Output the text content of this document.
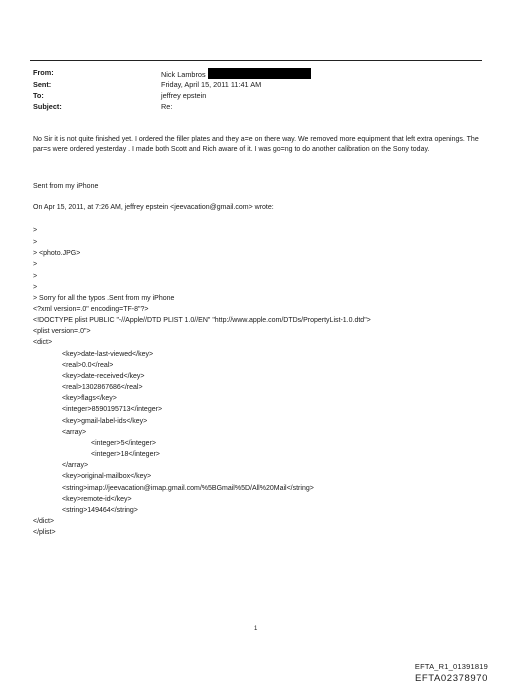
From:	Nick Lambros
Sent:	Friday, April 15, 2011 11:41 AM
To:	jeffrey epstein
Subject:	Re:
No Sir it is not quite finished yet. I ordered the filler plates and they a=e on there way. We removed more equipment that left extra openings. The par=s were ordered yesterday . I made both Scott and Rich aware of it. I was go=ng to do another calibration on the Sony today.
Sent from my iPhone
On Apr 15, 2011, at 7:26 AM, jeffrey epstein <jeevacation@gmail.com> wrote:
>
>
> <photo.JPG>
>
>
>
> Sorry for all the typos .Sent from my iPhone
<?xml version=.0" encoding=TF-8"?>
<!DOCTYPE plist PUBLIC "-//Apple//DTD PLIST 1.0//EN" "http://www.apple.com/DTDs/PropertyList-1.0.dtd">
<plist version=.0">
<dict>
<key>date-last-viewed</key>
<real>0.0</real>
<key>date-received</key>
<real>1302867686</real>
<key>flags</key>
<integer>8590195713</integer>
<key>gmail-label-ids</key>
<array>
<integer>5</integer>
<integer>18</integer>
</array>
<key>original-mailbox</key>
<string>imap://jeevacation@imap.gmail.com/%5BGmail%5D/All%20Mail</string>
<key>remote-id</key>
<string>149464</string>
</dict>
</plist>
1
EFTA_R1_01391819
EFTA02378970
